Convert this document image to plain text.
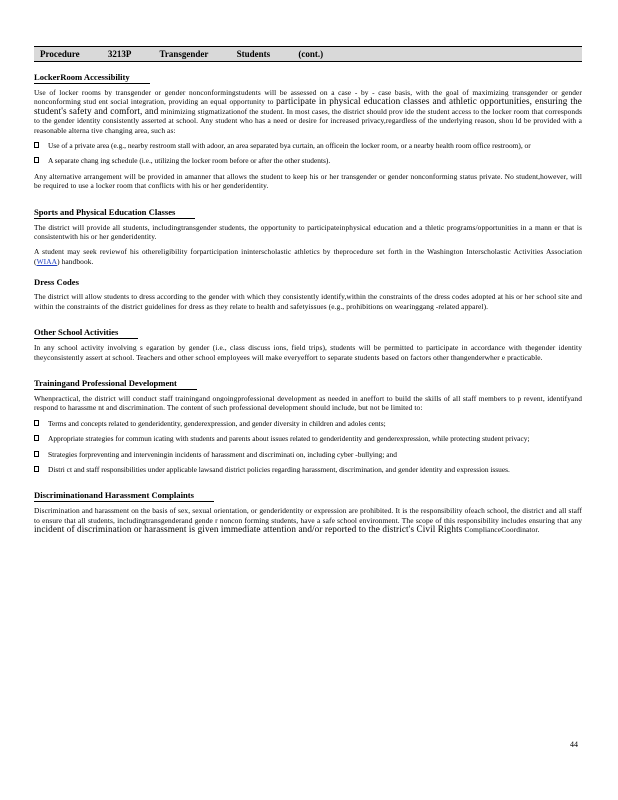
Procedure	3213P	Transgender	Students	(cont.)
LockerRoom Accessibility

Use of locker rooms by transgender or gender nonconformingstudents will be assessed on a case - by - case basis, with the goal of maximizing transgender or gender nonconforming stud ent social integration, providing an equal opportunity to participate in physical education classes and athletic opportunities, ensuring the student's safety and comfort, and minimizing stigmatizationof the student. In most cases, the district should prov ide the student access to the locker room that corresponds to the gender identity consistently asserted at school. Any student who has a need or desire for increased privacy,regardless of the underlying reason, shou ld be provided with a reasonable alterna tive changing area, such as:

Use of a private area (e.g., nearby restroom stall with adoor, an area separated bya curtain, an officein the locker room, or a nearby health room office restroom), or
A separate chang ing schedule (i.e., utilizing the locker room before or after the other students).

Any alternative arrangement will be provided in amanner that allows the student to keep his or her transgender or gender nonconforming status private. No student,however, will be required to use a locker room that conflicts with his or her genderidentity.

Sports and Physical Education Classes

The district will provide all students, includingtransgender students, the opportunity to participateinphysical education and a thletic programs/opportunities in a mann er that is consistentwith his or her genderidentity.

A student may seek reviewof his othereligibility forparticipation ininterscholastic athletics by theprocedure set forth in the Washington Interscholastic Activities Association (WIAA) handbook.

Dress Codes

The district will allow students to dress according to the gender with which they consistently identify,within the constraints of the dress codes adopted at his or her school site and within the constraints of the district guidelines for dress as they relate to health and safetyissues (e.g., prohibitions on wearinggang -related apparel).

Other School Activities

In any school activity involving s egaration by gender (i.e., class discuss ions, field trips), students will be permitted to participate in accordance with thegender identity theyconsistently assert at school. Teachers and other school employees will make everyeffort to separate students based on factors other thangenderwher e practicable.

Trainingand Professional Development

Whenpractical, the district will conduct staff trainingand ongoingprofessional development as needed in aneffort to build the skills of all staff members to p revent, identifyand respond to harassme nt and discrimination. The content of such professional development should include, but not be limited to:

Terms and concepts related to genderidentity, genderexpression, and gender diversity in children and adoles cents;
Appropriate strategies for commun icating with students and parents about issues related to genderidentity and genderexpression, while protecting student privacy;
Strategies forpreventing and interveningin incidents of harassment and discriminati on, including cyber -bullying; and
Distri ct and staff responsibilities under applicable lawsand district policies regarding harassment, discrimination, and gender identity and expression issues.
Discriminationand Harassment Complaints

Discrimination and harassment on the basis of sex, sexual orientation, or genderidentity or expression are prohibited. It is the responsibility ofeach school, the district and all staff to ensure that all students, includingtransgenderand gende r noncon forming students, have a safe school environment. The scope of this responsibility includes ensuring that any incident of discrimination or harassment is given immediate attention and/or reported to the district's Civil Rights ComplianceCoordinator.

44
